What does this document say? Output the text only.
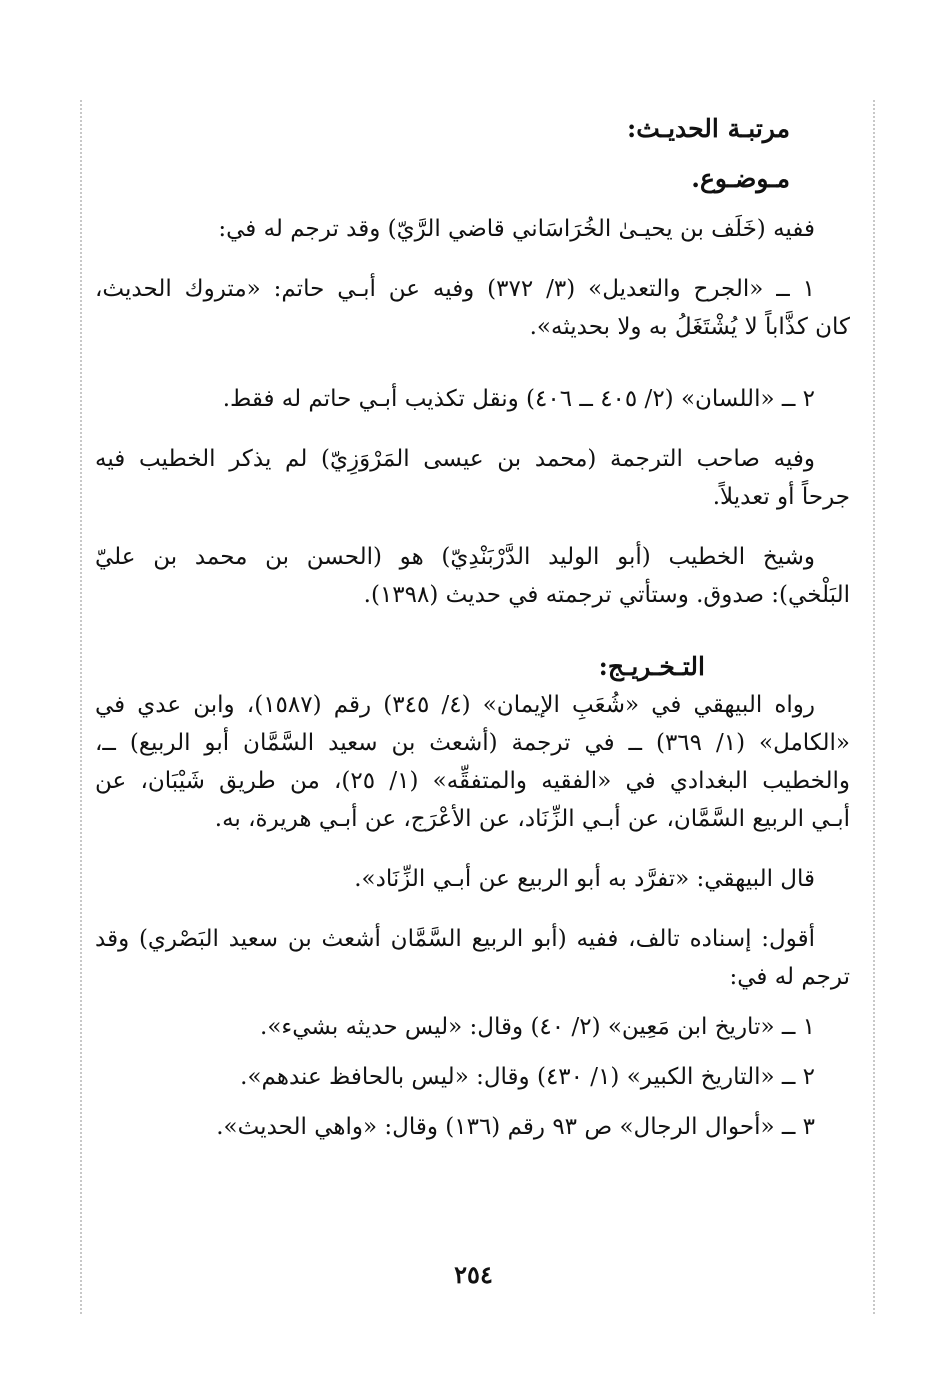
مرتبـة الحديـث:
مـوضـوع.
ففيه (خَلَف بن يحيـىٰ الخُرَاسَاني قاضي الرَّيّ) وقد ترجم له في:
١ ــ «الجرح والتعديل» (٣/ ٣٧٢) وفيه عن أبـي حاتم: «متروك الحديث،
كان كذَّاباً لا يُشْتَغَلُ به ولا بحديثه».
٢ ــ «اللسان» (٢/ ٤٠٥ ــ ٤٠٦) ونقل تكذيب أبـي حاتم له فقط.
وفيه صاحب الترجمة (محمد بن عيسى المَرْوَزِيّ) لم يذكر الخطيب فيه
جرحاً أو تعديلاً.
وشيخ الخطيب (أبو الوليد الدَّرْبَنْدِيّ) هو (الحسن بن محمد بن عليّ
البَلْخي): صدوق. وستأتي ترجمته في حديث (١٣٩٨).
التـخـريـج:
رواه البيهقي في «شُعَبِ الإيمان» (٤/ ٣٤٥) رقم (١٥٨٧)، وابن عدي في
«الكامل» (١/ ٣٦٩) ــ في ترجمة (أشعث بن سعيد السَّمَّان أبو الربيع) ــ،
والخطيب البغدادي في «الفقيه والمتفقِّه» (١/ ٢٥)، من طريق شَيْبَان، عن
أبـي الربيع السَّمَّان، عن أبـي الزِّنَاد، عن الأعْرَج، عن أبـي هريرة، به.
قال البيهقي: «تفرَّد به أبو الربيع عن أبـي الزِّنَاد».
أقول: إسناده تالف، ففيه (أبو الربيع السَّمَّان أشعث بن سعيد البَصْري) وقد
ترجم له في:
١ ــ «تاريخ ابن مَعِين» (٢/ ٤٠) وقال: «ليس حديثه بشيء».
٢ ــ «التاريخ الكبير» (١/ ٤٣٠) وقال: «ليس بالحافظ عندهم».
٣ ــ «أحوال الرجال» ص ٩٣ رقم (١٣٦) وقال: «واهي الحديث».
٢٥٤
